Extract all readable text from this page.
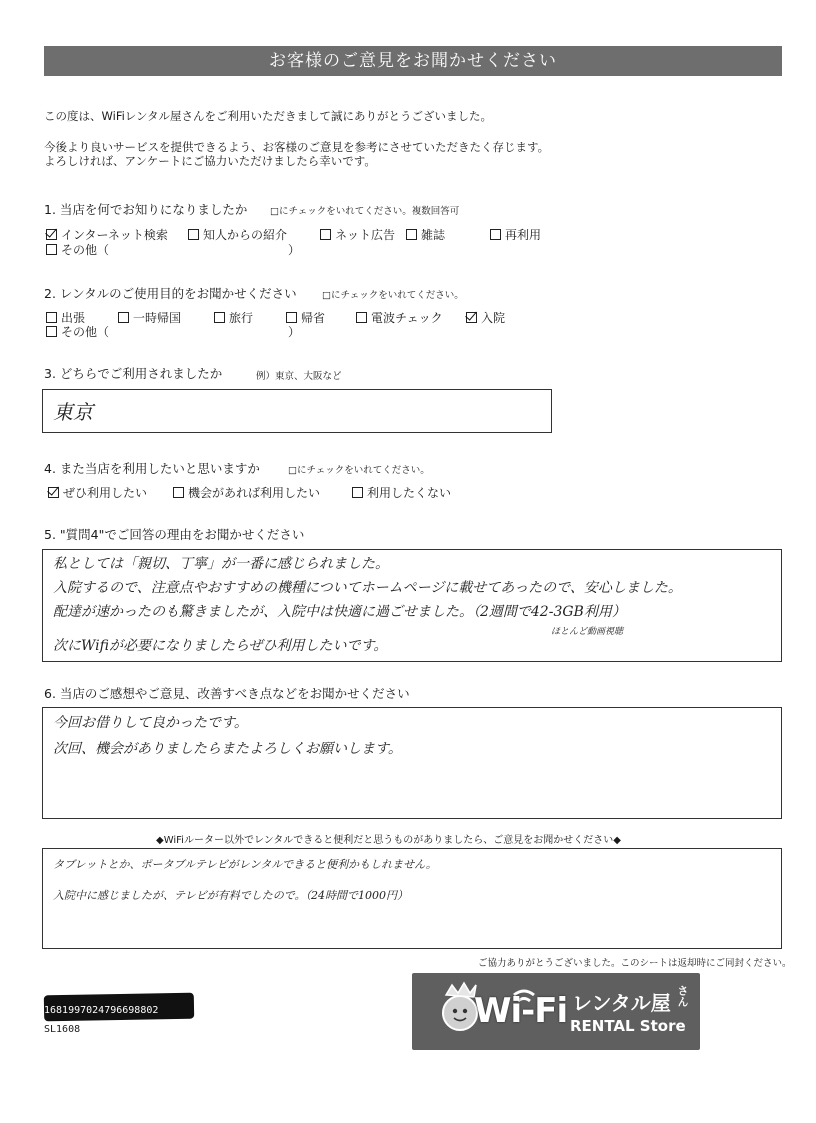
お客様のご意見をお聞かせください
この度は、WiFiレンタル屋さんをご利用いただきまして誠にありがとうございました。
今後より良いサービスを提供できるよう、お客様のご意見を参考にさせていただきたく存じます。
よろしければ、アンケートにご協力いただけましたら幸いです。
1. 当店を何でお知りになりましたか □にチェックをいれてください。複数回答可
インターネット検索	知人からの紹介	ネット広告	雑誌	再利用
その他（	）
2. レンタルのご使用目的をお聞かせください	□にチェックをいれてください。
出張	一時帰国	旅行	帰省	電波チェック	入院
その他（	）
3. どちらでご利用されましたか	例）東京、大阪など
東京
4. また当店を利用したいと思いますか	□にチェックをいれてください。
ぜひ利用したい	機会があれば利用したい	利用したくない
5. "質問4"でご回答の理由をお聞かせください
私としては「親切、丁寧」が一番に感じられました。
入院するので、注意点やおすすめの機種についてホームページに載せてあったので、安心しました。
配達が速かったのも驚きましたが、入院中は快適に過ごせました。（2週間で42-3GB利用）
ほとんど動画視聴
次にWifiが必要になりましたらぜひ利用したいです。
6. 当店のご感想やご意見、改善すべき点などをお聞かせください
今回お借りして良かったです。
次回、機会がありましたらまたよろしくお願いします。
◆WiFiルーター以外でレンタルできると便利だと思うものがありましたら、ご意見をお聞かせください◆
タブレットとか、ポータブルテレビがレンタルできると便利かもしれません。
入院中に感じましたが、テレビが有料でしたので。（24時間で1000円）
ご協力ありがとうございました。このシートは返却時にご同封ください。
1681997024796698802
SL1608	Wi-Fi レンタル屋 さん
RENTAL Store
